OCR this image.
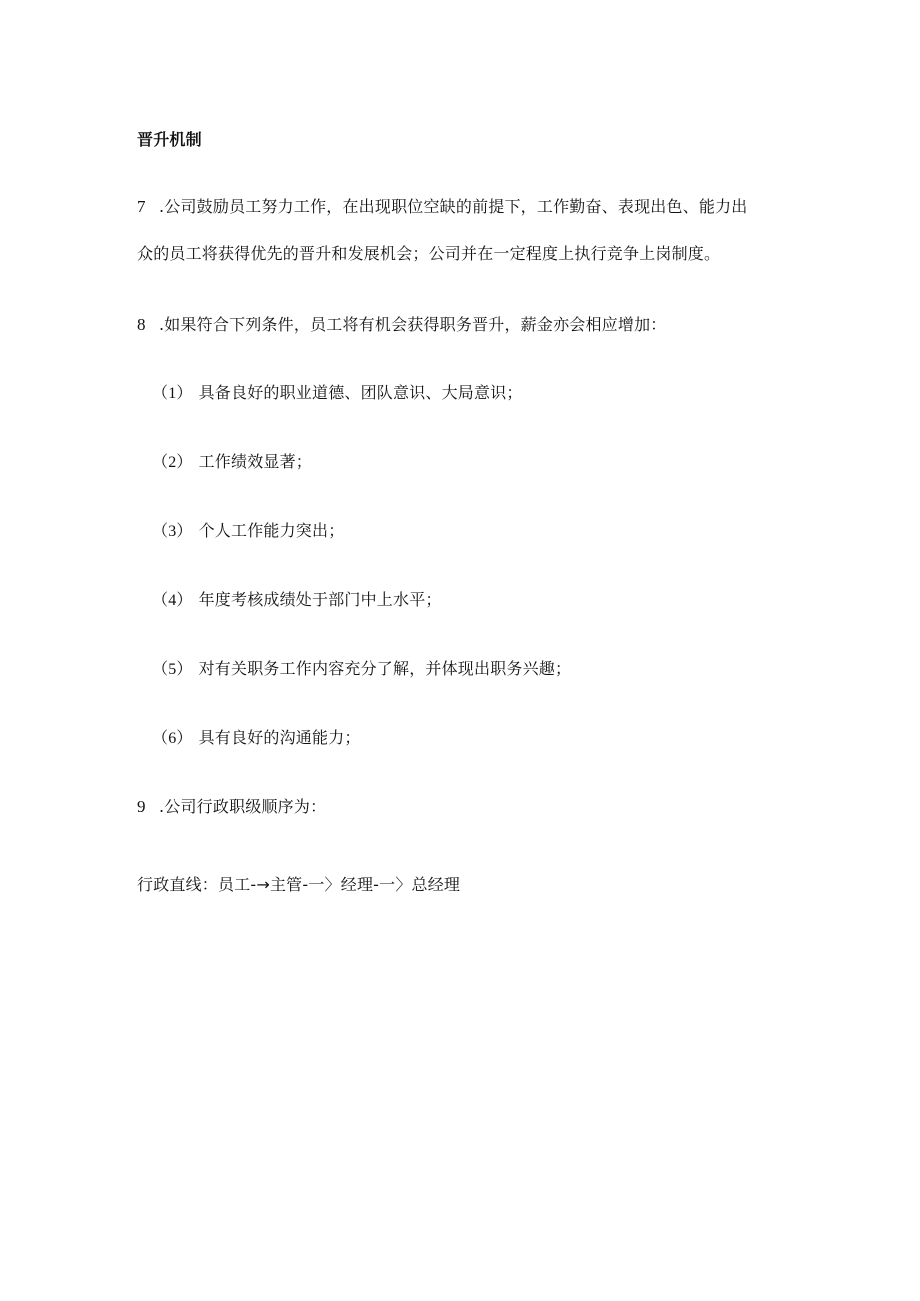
晋升机制
7 .公司鼓励员工努力工作，在出现职位空缺的前提下，工作勤奋、表现出色、能力出
众的员工将获得优先的晋升和发展机会；公司并在一定程度上执行竞争上岗制度。
8 .如果符合下列条件，员工将有机会获得职务晋升，薪金亦会相应增加：
（1） 具备良好的职业道德、团队意识、大局意识；
（2） 工作绩效显著；
（3） 个人工作能力突出；
（4） 年度考核成绩处于部门中上水平；
（5） 对有关职务工作内容充分了解，并体现出职务兴趣；
（6） 具有良好的沟通能力；
9 .公司行政职级顺序为：
行政直线：员工-→主管-一〉经理-一〉总经理
